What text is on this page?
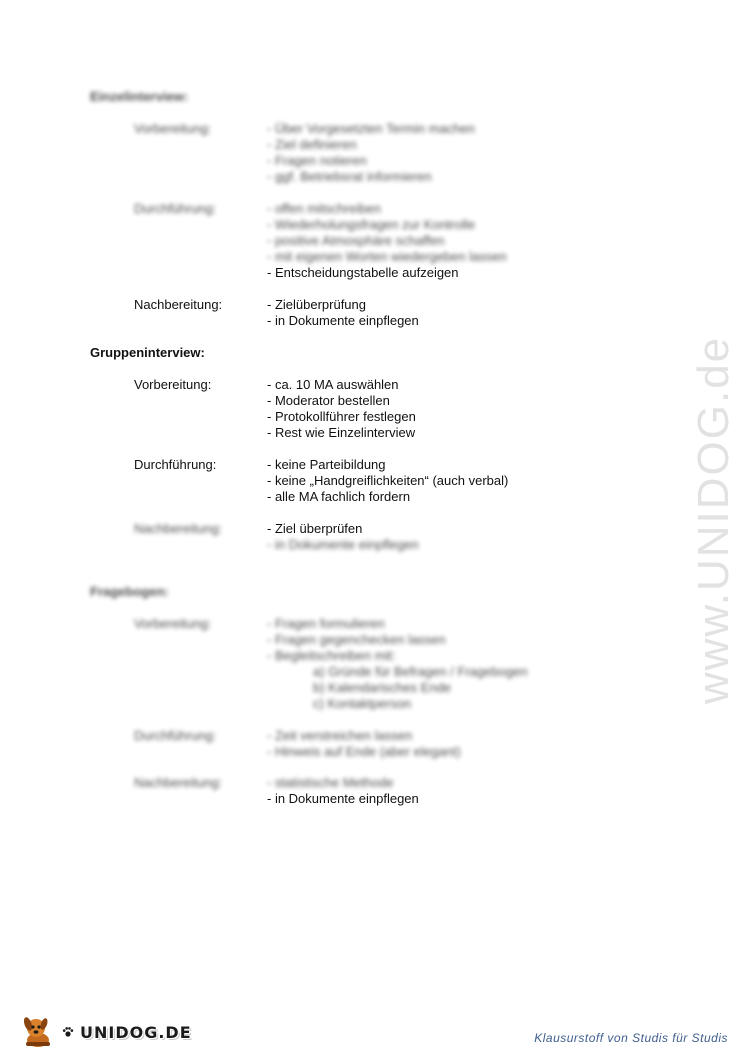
Einzelinterview:
Vorbereitung:	- Über Vorgesetzten Termin machen
- Ziel definieren
- Fragen notieren
- ggf. Betriebsrat informieren
Durchführung:	- offen mitschreiben
- Wiederholungsfragen zur Kontrolle
- positive Atmosphäre schaffen
- mit eigenen Worten wiedergeben lassen
- Entscheidungstabelle aufzeigen
Nachbereitung:	- Zielüberprüfung
- in Dokumente einpflegen
Gruppeninterview:
Vorbereitung:	- ca. 10 MA auswählen
- Moderator bestellen
- Protokollführer festlegen
- Rest wie Einzelinterview
Durchführung:	- keine Parteibildung
- keine „Handgreiflichkeiten“ (auch verbal)
- alle MA fachlich fordern
Nachbereitung:	- Ziel überprüfen
- in Dokumente einpflegen
Fragebogen:
Vorbereitung:	- Fragen formulieren
- Fragen gegenchecken lassen
- Begleitschreiben mit:
a) Gründe für Befragen / Fragebogen
b) Kalendarisches Ende
c) Kontaktperson
Durchführung:	- Zeit verstreichen lassen
- Hinweis auf Ende (aber elegant)
Nachbereitung:	- statistische Methode
- in Dokumente einpflegen
www.UNIDOG.de
UNIDOG.DE	Klausurstoff von Studis für Studis
